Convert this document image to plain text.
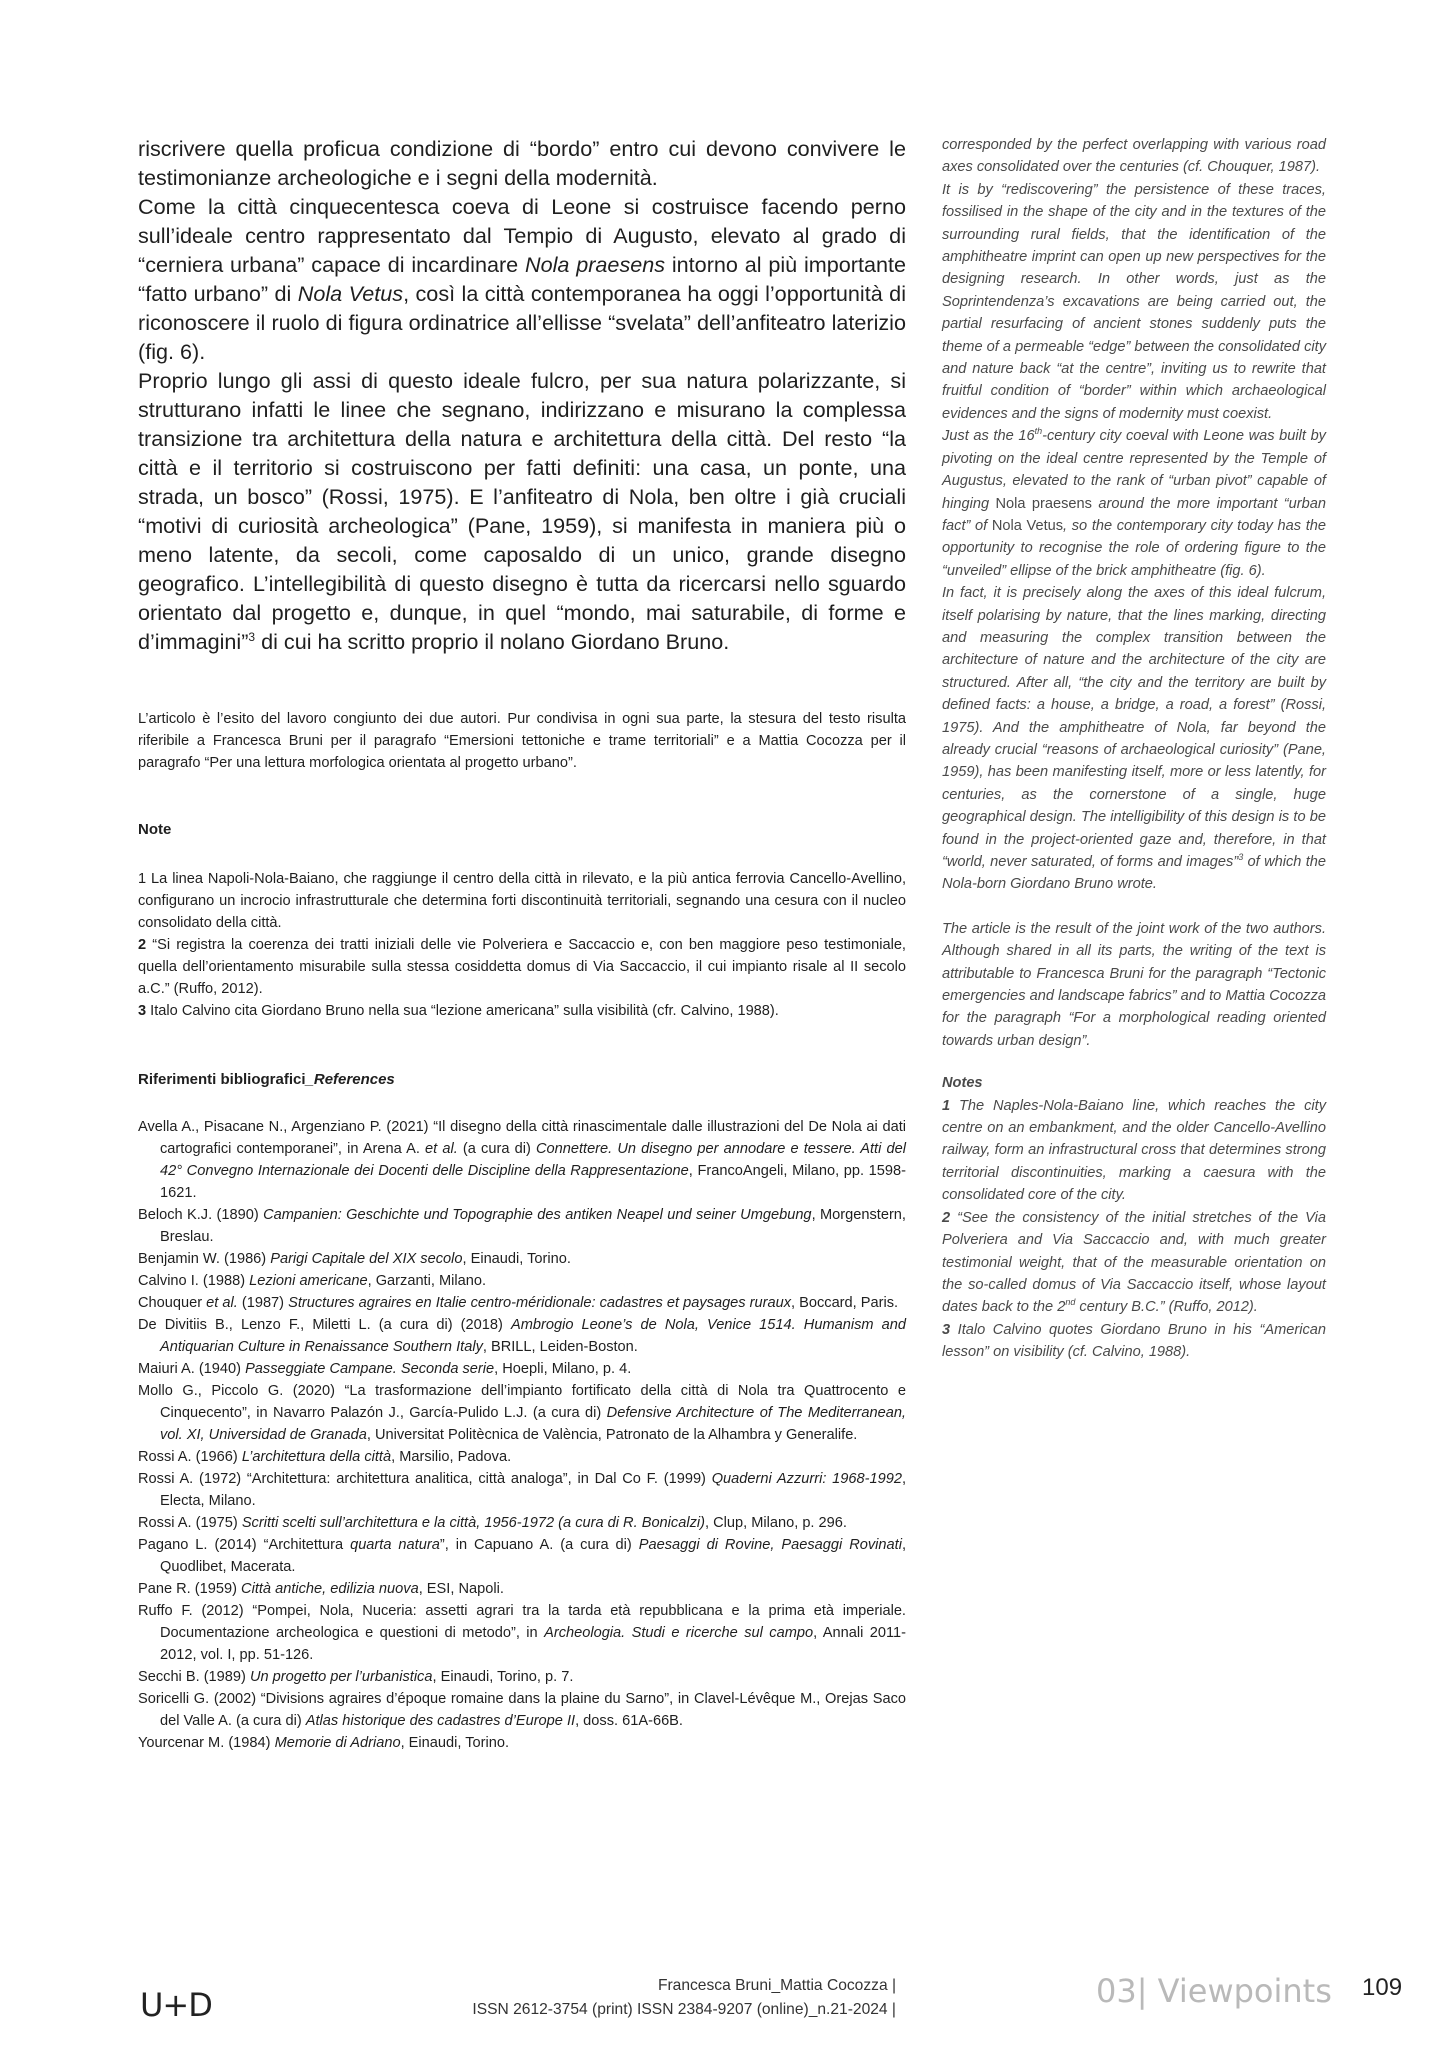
riscrivere quella proficua condizione di “bordo” entro cui devono convivere le testimonianze archeologiche e i segni della modernità.

Come la città cinquecentesca coeva di Leone si costruisce facendo perno sull’ideale centro rappresentato dal Tempio di Augusto, elevato al grado di “cerniera urbana” capace di incardinare Nola praesens intorno al più importante “fatto urbano” di Nola Vetus, così la città contemporanea ha oggi l’opportunità di riconoscere il ruolo di figura ordinatrice all’ellisse “svelata” dell’anfiteatro laterizio (fig. 6).

Proprio lungo gli assi di questo ideale fulcro, per sua natura polarizzante, si strutturano infatti le linee che segnano, indirizzano e misurano la complessa transizione tra architettura della natura e architettura della città. Del resto “la città e il territorio si costruiscono per fatti definiti: una casa, un ponte, una strada, un bosco” (Rossi, 1975). E l’anfiteatro di Nola, ben oltre i già cruciali “motivi di curiosità archeologica” (Pane, 1959), si manifesta in maniera più o meno latente, da secoli, come caposaldo di un unico, grande disegno geografico. L’intellegibilità di questo disegno è tutta da ricercarsi nello sguardo orientato dal progetto e, dunque, in quel “mondo, mai saturabile, di forme e d’immagini”$^3$ di cui ha scritto proprio il nolano Giordano Bruno.

L’articolo è l’esito del lavoro congiunto dei due autori. Pur condivisa in ogni sua parte, la stesura del testo risulta riferibile a Francesca Bruni per il paragrafo “Emersioni tettoniche e trame territoriali” e a Mattia Cocozza per il paragrafo “Per una lettura morfologica orientata al progetto urbano”.

Note

1 La linea Napoli-Nola-Baiano, che raggiunge il centro della città in rilevato, e la più antica ferrovia Cancello-Avellino, configurano un incrocio infrastrutturale che determina forti discontinuità territoriali, segnando una cesura con il nucleo consolidato della città.

2 “Si registra la coerenza dei tratti iniziali delle vie Polveriera e Saccaccio e, con ben maggiore peso testimoniale, quella dell’orientamento misurabile sulla stessa cosiddetta domus di Via Saccaccio, il cui impianto risale al II secolo a.C.” (Ruffo, 2012).

3 Italo Calvino cita Giordano Bruno nella sua “lezione americana” sulla visibilità (cfr. Calvino, 1988).

Riferimenti bibliografici_References

Avella A., Pisacane N., Argenziano P. (2021) “Il disegno della città rinascimentale dalle illustrazioni del De Nola ai dati cartografici contemporanei”, in Arena A. et al. (a cura di) Connettere. Un disegno per annodare e tessere. Atti del 42° Convegno Internazionale dei Docenti delle Discipline della Rappresentazione, FrancoAngeli, Milano, pp. 1598-1621.

Beloch K.J. (1890) Campanien: Geschichte und Topographie des antiken Neapel und seiner Umgebung, Morgenstern, Breslau.

Benjamin W. (1986) Parigi Capitale del XIX secolo, Einaudi, Torino.

Calvino I. (1988) Lezioni americane, Garzanti, Milano.

Chouquer et al. (1987) Structures agraires en Italie centro-méridionale: cadastres et paysages ruraux, Boccard, Paris.

De Divitiis B., Lenzo F., Miletti L. (a cura di) (2018) Ambrogio Leone’s de Nola, Venice 1514. Humanism and Antiquarian Culture in Renaissance Southern Italy, BRILL, Leiden-Boston.

Maiuri A. (1940) Passeggiate Campane. Seconda serie, Hoepli, Milano, p. 4.

Mollo G., Piccolo G. (2020) “La trasformazione dell’impianto fortificato della città di Nola tra Quattrocento e Cinquecento”, in Navarro Palazón J., García-Pulido L.J. (a cura di) Defensive Architecture of The Mediterranean, vol. XI, Universidad de Granada, Universitat Politècnica de València, Patronato de la Alhambra y Generalife.

Rossi A. (1966) L’architettura della città, Marsilio, Padova.

Rossi A. (1972) “Architettura: architettura analitica, città analoga”, in Dal Co F. (1999) Quaderni Azzurri: 1968-1992, Electa, Milano.

Rossi A. (1975) Scritti scelti sull’architettura e la città, 1956-1972 (a cura di R. Bonicalzi), Clup, Milano, p. 296.

Pagano L. (2014) “Architettura quarta natura”, in Capuano A. (a cura di) Paesaggi di Rovine, Paesaggi Rovinati, Quodlibet, Macerata.

Pane R. (1959) Città antiche, edilizia nuova, ESI, Napoli.

Ruffo F. (2012) “Pompei, Nola, Nuceria: assetti agrari tra la tarda età repubblicana e la prima età imperiale. Documentazione archeologica e questioni di metodo”, in Archeologia. Studi e ricerche sul campo, Annali 2011-2012, vol. I, pp. 51-126.

Secchi B. (1989) Un progetto per l’urbanistica, Einaudi, Torino, p. 7.

Soricelli G. (2002) “Divisions agraires d’époque romaine dans la plaine du Sarno”, in Clavel-Lévêque M., Orejas Saco del Valle A. (a cura di) Atlas historique des cadastres d’Europe II, doss. 61A-66B.

Yourcenar M. (1984) Memorie di Adriano, Einaudi, Torino.

corresponded by the perfect overlapping with various road axes consolidated over the centuries (cf. Chouquer, 1987).

It is by “rediscovering” the persistence of these traces, fossilised in the shape of the city and in the textures of the surrounding rural fields, that the identification of the amphitheatre imprint can open up new perspectives for the designing research. In other words, just as the Soprintendenza’s excavations are being carried out, the partial resurfacing of ancient stones suddenly puts the theme of a permeable “edge” between the consolidated city and nature back “at the centre”, inviting us to rewrite that fruitful condition of “border” within which archaeological evidences and the signs of modernity must coexist.

Just as the 16th-century city coeval with Leone was built by pivoting on the ideal centre represented by the Temple of Augustus, elevated to the rank of “urban pivot” capable of hinging Nola praesens around the more important “urban fact” of Nola Vetus, so the contemporary city today has the opportunity to recognise the role of ordering figure to the “unveiled” ellipse of the brick amphitheatre (fig. 6).

In fact, it is precisely along the axes of this ideal fulcrum, itself polarising by nature, that the lines marking, directing and measuring the complex transition between the architecture of nature and the architecture of the city are structured. After all, “the city and the territory are built by defined facts: a house, a bridge, a road, a forest” (Rossi, 1975). And the amphitheatre of Nola, far beyond the already crucial “reasons of archaeological curiosity” (Pane, 1959), has been manifesting itself, more or less latently, for centuries, as the cornerstone of a single, huge geographical design. The intelligibility of this design is to be found in the project-oriented gaze and, therefore, in that “world, never saturated, of forms and images”$^3$ of which the Nola-born Giordano Bruno wrote.

The article is the result of the joint work of the two authors. Although shared in all its parts, the writing of the text is attributable to Francesca Bruni for the paragraph “Tectonic emergencies and landscape fabrics” and to Mattia Cocozza for the paragraph “For a morphological reading oriented towards urban design”.

Notes

1 The Naples-Nola-Baiano line, which reaches the city centre on an embankment, and the older Cancello-Avellino railway, form an infrastructural cross that determines strong territorial discontinuities, marking a caesura with the consolidated core of the city.

2 “See the consistency of the initial stretches of the Via Polveriera and Via Saccaccio and, with much greater testimonial weight, that of the measurable orientation on the so-called domus of Via Saccaccio itself, whose layout dates back to the 2nd century B.C.” (Ruffo, 2012).

3 Italo Calvino quotes Giordano Bruno in his “American lesson” on visibility (cf. Calvino, 1988).

U+D
Francesca Bruni_Mattia Cocozza |
ISSN 2612-3754 (print) ISSN 2384-9207 (online)_n.21-2024 |	03| Viewpoints 109
